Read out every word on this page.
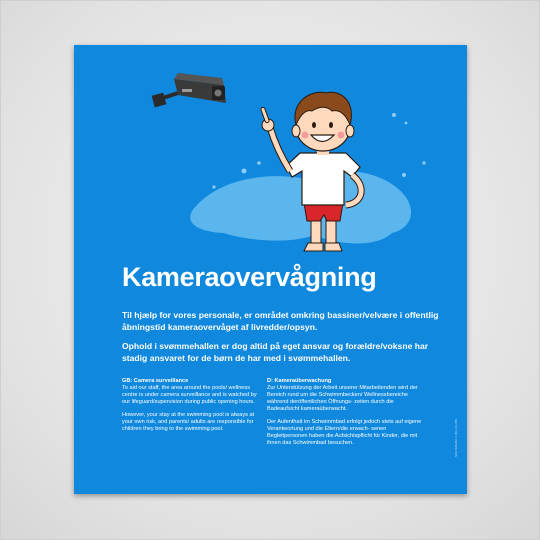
Kameraovervågning
Til hjælp for vores personale, er området omkring bassiner/velvære i offentlig åbningstid kameraovervåget af livredder/opsyn.
Ophold i svømmehallen er dog altid på eget ansvar og forældre/voksne har stadig ansvaret for de børn de har med i svømmehallen.
GB: Camera surveillance

To aid our staff, the area around the pools/ wellness centre is under camera surveillance and is watched by our lifeguard/supervision during public opening hours.

However, your stay at the swimming pool is always at your own risk, and parents/ adults are responsible for children they bring to the swimming pool.

D: Kameraüberwachung

Zur Unterstützung der Arbeit unserer Mitarbeitenden wird der Bereich rund um die Schwimmbecken/ Wellnessbereiche während deröffentlichen Öffnungs- zeiten durch die Badeaufsicht kameraüberwacht.

Der Aufenthalt im Schwimmbad erfolgt jedoch stets auf eigene Verantwortung und die Eltern/die erwach- senen Begleitpersonen haben die Aufsichtspflicht für Kinder, die mit ihnen das Schwimmbad besuchen.	SKILTEBANK X.DK 123-456
